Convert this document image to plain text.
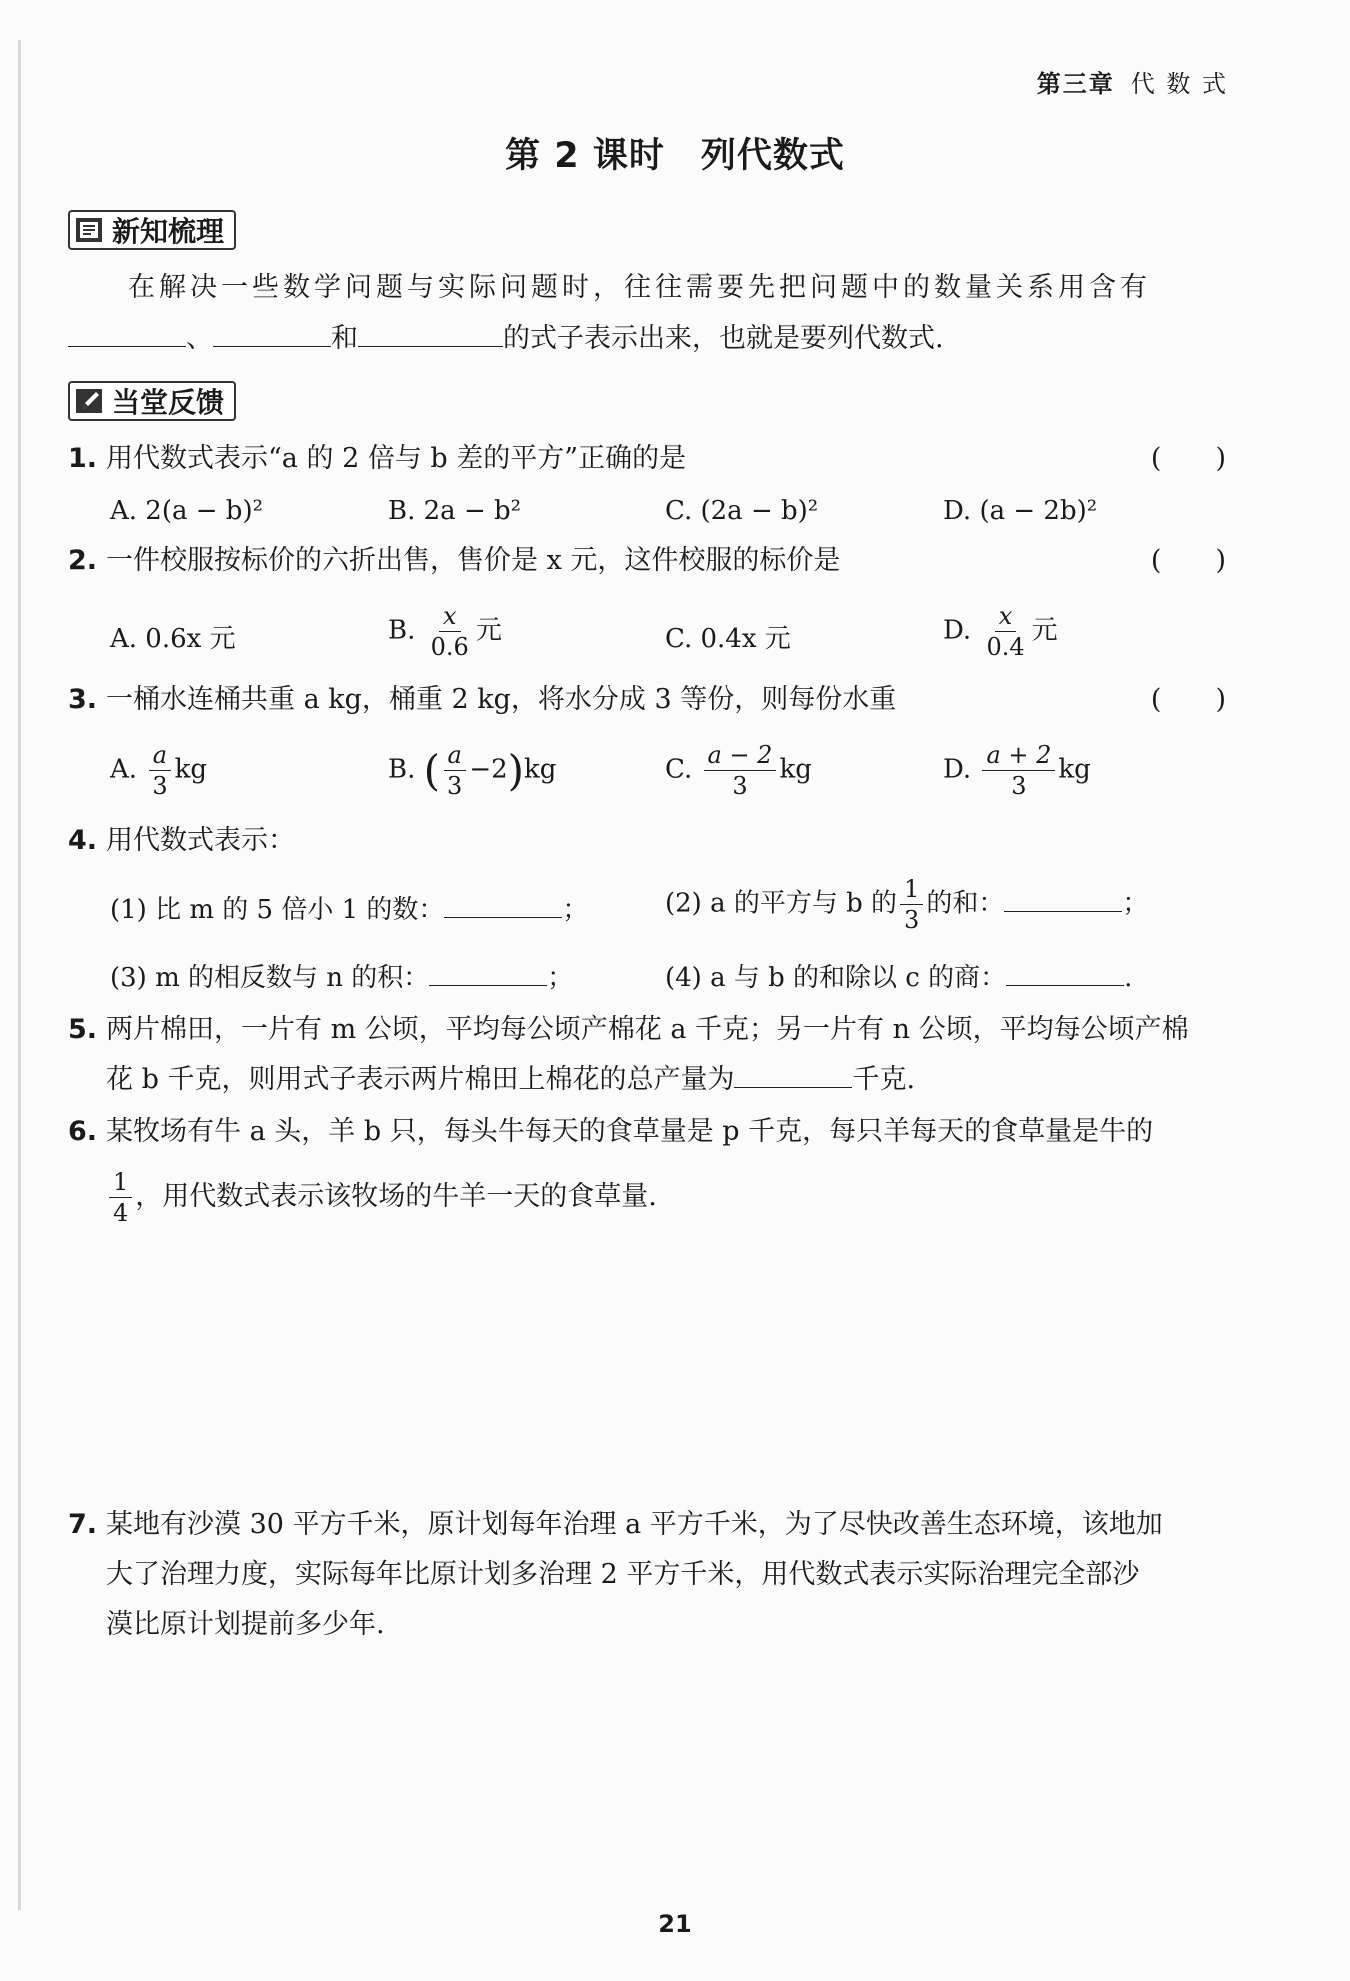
第三章 代 数 式
第 2 课时 列代数式
新知梳理
在解决一些数学问题与实际问题时，往往需要先把问题中的数量关系用含有
、	和	的式子表示出来，也就是要列代数式.
当堂反馈
1. 用代数式表示“a 的 2 倍与 b 差的平方”正确的是	(　　)
A. 2(a − b)²	B. 2a − b²	C. (2a − b)²	D. (a − 2b)²
2. 一件校服按标价的六折出售，售价是 x 元，这件校服的标价是	(　　)
A. 0.6x 元	B. $\frac{x}{0.6}$ 元	C. 0.4x 元	D. $\frac{x}{0.4}$ 元
3. 一桶水连桶共重 a kg，桶重 2 kg，将水分成 3 等份，则每份水重	(　　)
A. $\frac{a}{3}$ kg	B. ( $\frac{a}{3} -2)kg$	C. $\frac{a - 2}{3}$ kg	D. $\frac{a + 2}{3}$ kg
4. 用代数式表示：
(1) 比 m 的 5 倍小 1 的数：	；	(2) a 的平方与 b 的 $\frac{1}{3}$ 的和：	；
(3) m 的相反数与 n 的积：	；	(4) a 与 b 的和除以 c 的商：	.
5. 两片棉田，一片有 m 公顷，平均每公顷产棉花 a 千克；另一片有 n 公顷，平均每公顷产棉
花 b 千克，则用式子表示两片棉田上棉花的总产量为	千克.
6. 某牧场有牛 a 头，羊 b 只，每头牛每天的食草量是 p 千克，每只羊每天的食草量是牛的
$\frac{1}{4}$ ，用代数式表示该牧场的牛羊一天的食草量.
7. 某地有沙漠 30 平方千米，原计划每年治理 a 平方千米，为了尽快改善生态环境，该地加
大了治理力度，实际每年比原计划多治理 2 平方千米，用代数式表示实际治理完全部沙
漠比原计划提前多少年.
21
